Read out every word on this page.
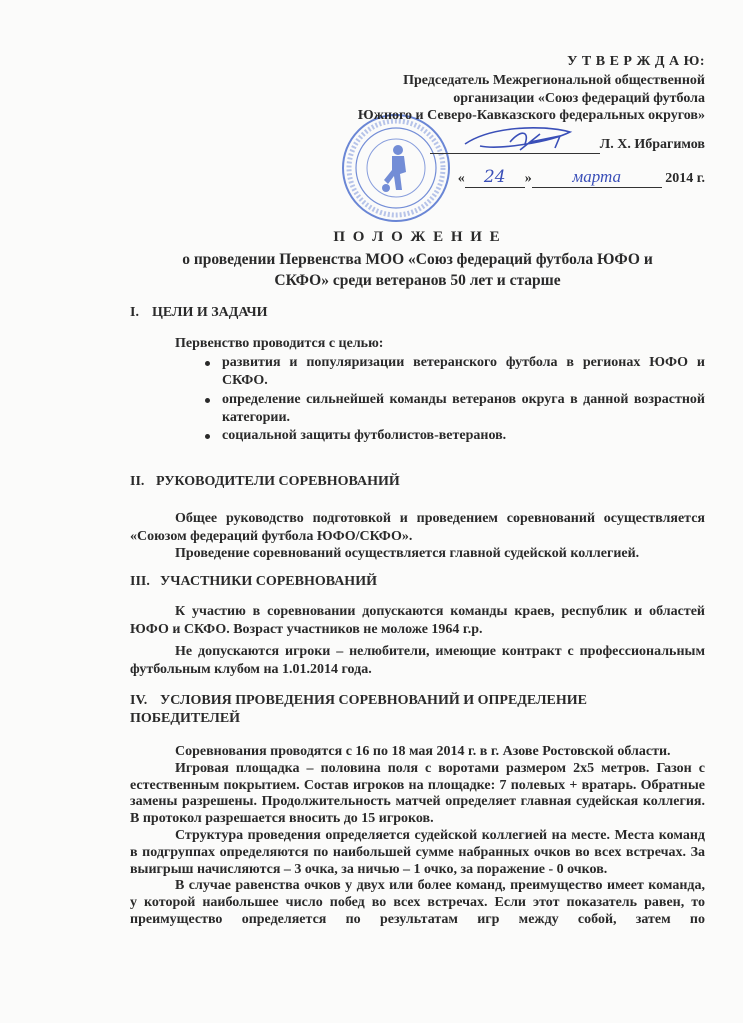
У Т В Е Р Ж Д А Ю:
Председатель Межрегиональной общественной
организации «Союз федераций футбола
Южного и Северо-Кавказского федеральных округов»
Л. Х. Ибрагимов
« 24 » марта	2014 г.
П О Л О Ж Е Н И Е
о проведении Первенства МОО «Союз федераций футбола ЮФО и
СКФО» среди ветеранов 50 лет и старше
I. ЦЕЛИ И ЗАДАЧИ
Первенство проводится с целью:
развития и популяризации ветеранского футбола в регионах ЮФО и СКФО.
определение сильнейшей команды ветеранов округа в данной возрастной категории.
социальной защиты футболистов-ветеранов.
II. РУКОВОДИТЕЛИ СОРЕВНОВАНИЙ
Общее руководство подготовкой и проведением соревнований осуществляется «Союзом федераций футбола ЮФО/СКФО».
Проведение соревнований осуществляется главной судейской коллегией.
III. УЧАСТНИКИ СОРЕВНОВАНИЙ
К участию в соревновании допускаются команды краев, республик и областей ЮФО и СКФО. Возраст участников не моложе 1964 г.р.
Не допускаются игроки – нелюбители, имеющие контракт с профессиональным футбольным клубом на 1.01.2014 года.
IV. УСЛОВИЯ ПРОВЕДЕНИЯ СОРЕВНОВАНИЙ И ОПРЕДЕЛЕНИЕ ПОБЕДИТЕЛЕЙ
Соревнования проводятся с 16 по 18 мая 2014 г. в г. Азове Ростовской области.
Игровая площадка – половина поля с воротами размером 2х5 метров. Газон с естественным покрытием. Состав игроков на площадке: 7 полевых + вратарь. Обратные замены разрешены. Продолжительность матчей определяет главная судейская коллегия. В протокол разрешается вносить до 15 игроков.
Структура проведения определяется судейской коллегией на месте. Места команд в подгруппах определяются по наибольшей сумме набранных очков во всех встречах. За выигрыш начисляются – 3 очка, за ничью – 1 очко, за поражение - 0 очков.
В случае равенства очков у двух или более команд, преимущество имеет команда, у которой наибольшее число побед во всех встречах. Если этот показатель равен, то преимущество определяется по результатам игр между собой, затем по
